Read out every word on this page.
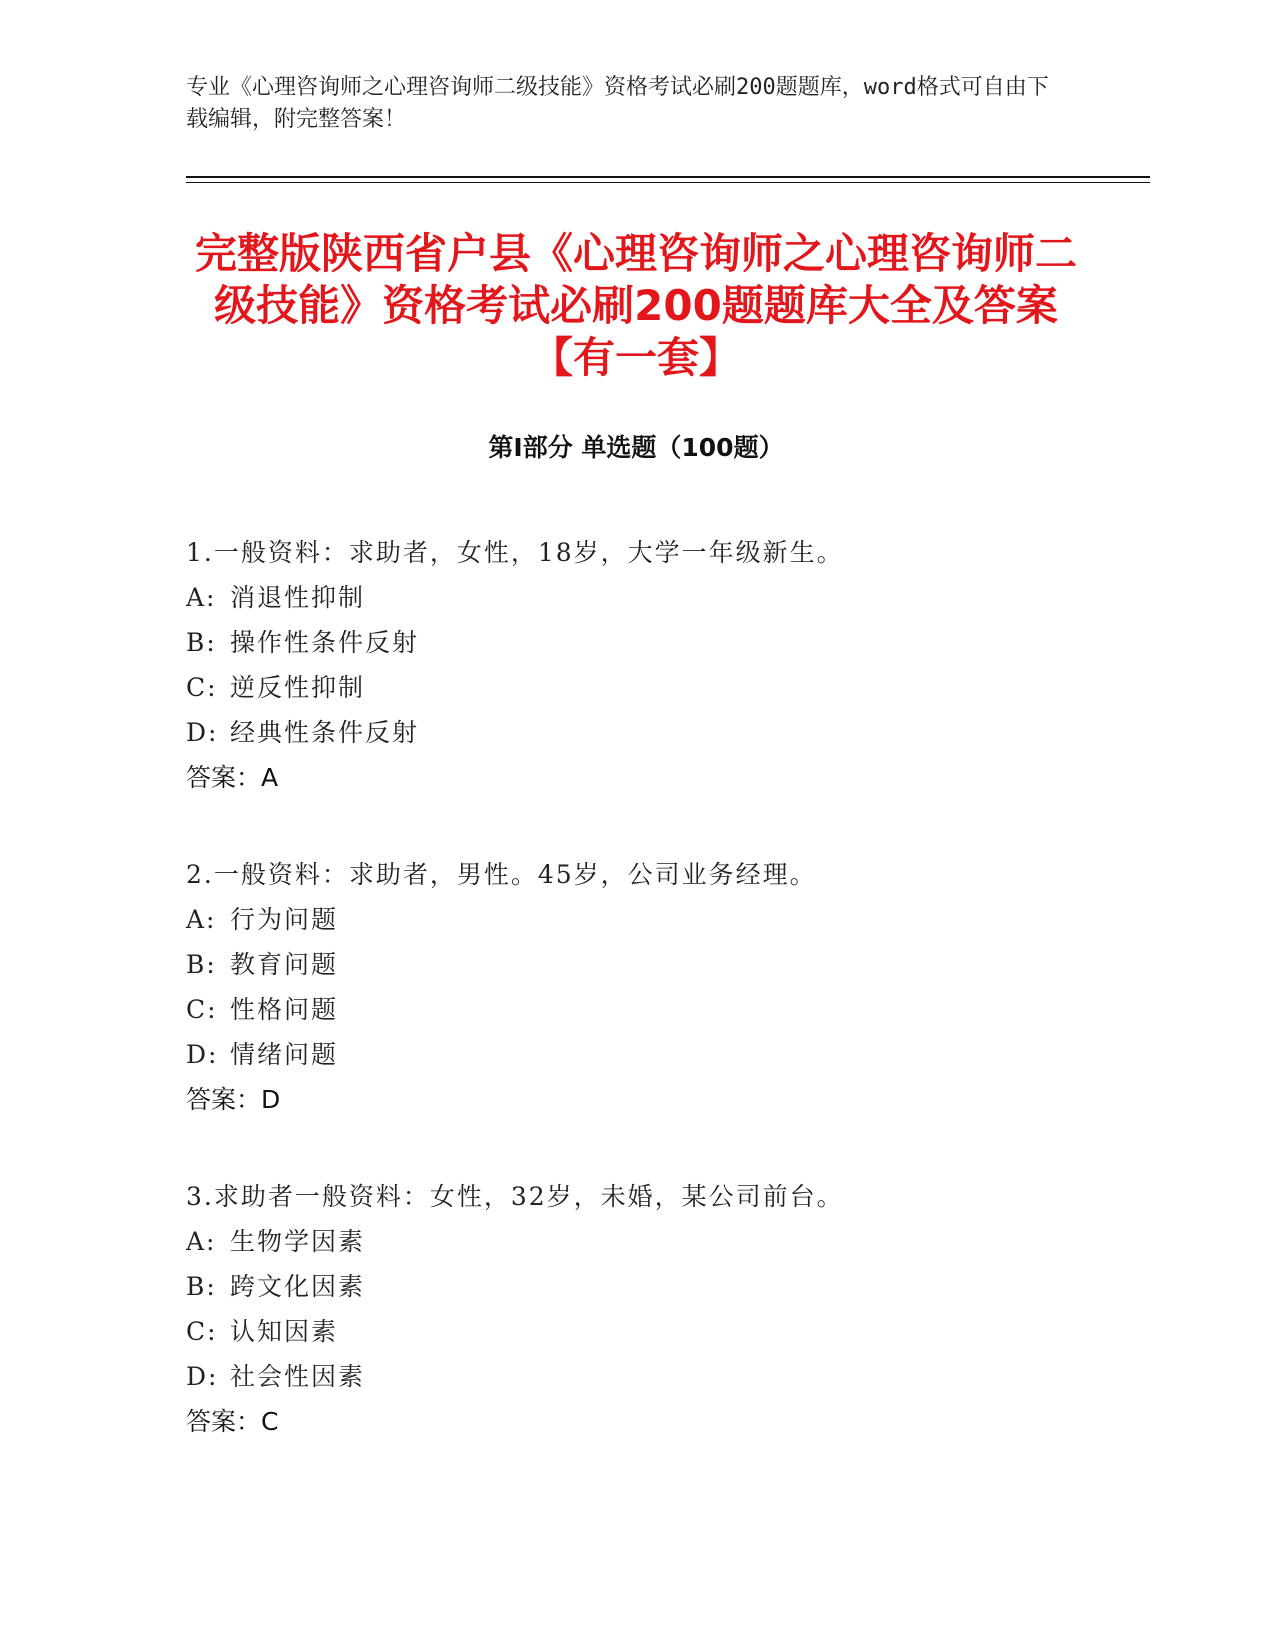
专业《心理咨询师之心理咨询师二级技能》资格考试必刷200题题库，word格式可自由下载编辑，附完整答案！
完整版陕西省户县《心理咨询师之心理咨询师二级技能》资格考试必刷200题题库大全及答案【有一套】
第Ⅰ部分 单选题（100题）
1.一般资料：求助者，女性，18岁，大学一年级新生。
A: 消退性抑制
B: 操作性条件反射
C: 逆反性抑制
D: 经典性条件反射
答案：A
2.一般资料：求助者，男性。45岁，公司业务经理。
A: 行为问题
B: 教育问题
C: 性格问题
D: 情绪问题
答案：D
3.求助者一般资料：女性，32岁，未婚，某公司前台。
A: 生物学因素
B: 跨文化因素
C: 认知因素
D: 社会性因素
答案：C
